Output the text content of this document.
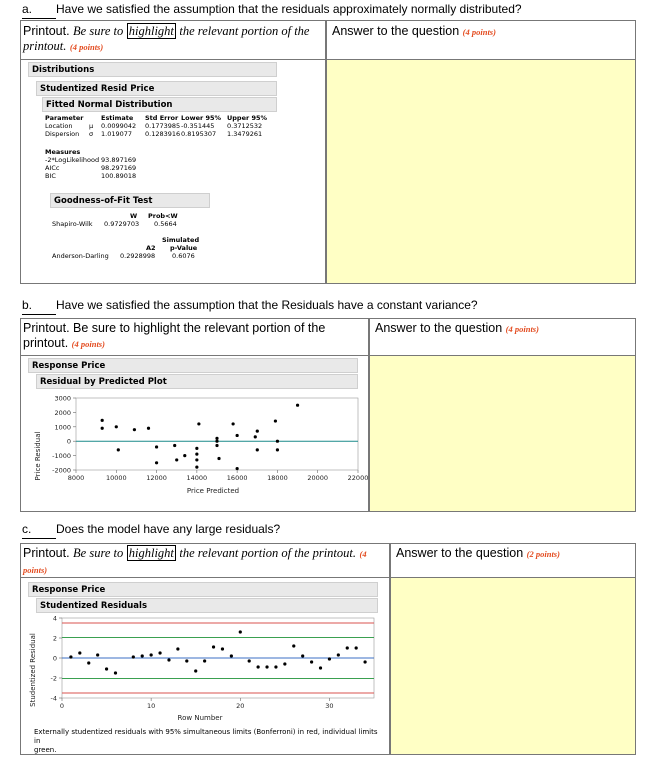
a. Have we satisfied the assumption that the residuals approximately normally distributed?
Printout. Be sure to highlight the relevant portion of the
printout. (4 points)
Answer to the question (4 points)
Distributions
Studentized Resid Price
Fitted Normal Distribution
Parameter	Estimate	Std Error Lower 95% Upper 95%
Location	μ	0.0099042	0.1773985 -0.351445	0.3712532
Dispersion	σ	1.019077	0.1283916 0.8195307	1.3479261
Measures
-2*LogLikelihood 93.897169
AICc	98.297169
BIC	100.89018
Goodness-of-Fit Test
W	Prob<W
Shapiro-Wilk	0.9729703	0.5664
Simulated
A2	p-Value
Anderson-Darling	0.2928998	0.6076
b. Have we satisfied the assumption that the Residuals have a constant variance?
Printout. Be sure to highlight the relevant portion of the
printout. (4 points)
Answer to the question (4 points)
Response Price
Residual by Predicted Plot
Price Residual
Price Predicted
3000
2000
1000
0
-1000
-2000
8000	10000	12000	14000	16000	18000	20000	22000
c. Does the model have any large residuals?
Printout. Be sure to highlight the relevant portion of the printout. (4
points)
Answer to the question (2 points)
Response Price
Studentized Residuals
Studentized Residual
Row Number
4
2
0
-2
-4
0	10	20	30
Externally studentized residuals with 95% simultaneous limits (Bonferroni) in red, individual limits in
green.
